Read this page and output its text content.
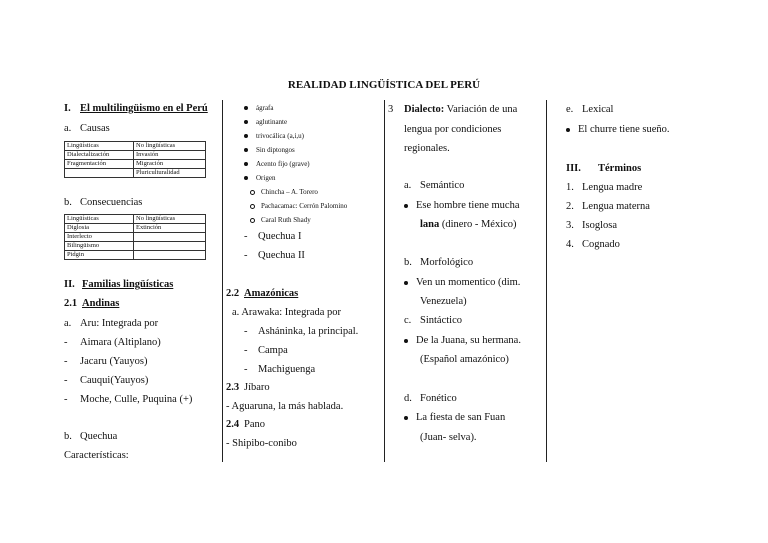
REALIDAD LINGÜÍSTICA DEL PERÚ
I. El multilingüismo en el Perú
a. Causas
Lingüísticas	No lingüísticas
Dialectalización	Invasión
Fragmentación	Migración
	Pluriculturalidad
b. Consecuencias
Lingüísticas	No lingüísticas
Diglosia	Extinción
Interlecto	
Bilingüismo	
Pidgin	
II. Familias lingüísticas
2.1 Andinas
a. Aru: Integrada por
- Aimara (Altiplano)
- Jacaru (Yauyos)
- Cauqui(Yauyos)
- Moche, Culle, Puquina (+)
b. Quechua
Características:
ágrafa
aglutinante
trivocálica (a,i,u)
Sin diptongos
Acento fijo (grave)
Origen
Chincha – A. Torero
Pachacamac: Cerrón Palomino
Caral Ruth Shady
- Quechua I
- Quechua II
2.2 Amazónicas
a. Arawaka: Integrada por
- Asháninka, la principal.
- Campa
- Machiguenga
2.3 Jíbaro
- Aguaruna, la más hablada.
2.4 Pano
- Shipibo-conibo
3 Dialecto: Variación de una
lengua por condiciones
regionales.
a. Semántico
Ese hombre tiene mucha
lana (dinero - México)
b. Morfológico
Ven un momentico (dim.
Venezuela)
c. Sintáctico
De la Juana, su hermana.
(Español amazónico)
d. Fonético
La fiesta de san Fuan
(Juan- selva).
e. Lexical
El churre tiene sueño.
III. Términos
1. Lengua madre
2. Lengua materna
3. Isoglosa
4. Cognado
